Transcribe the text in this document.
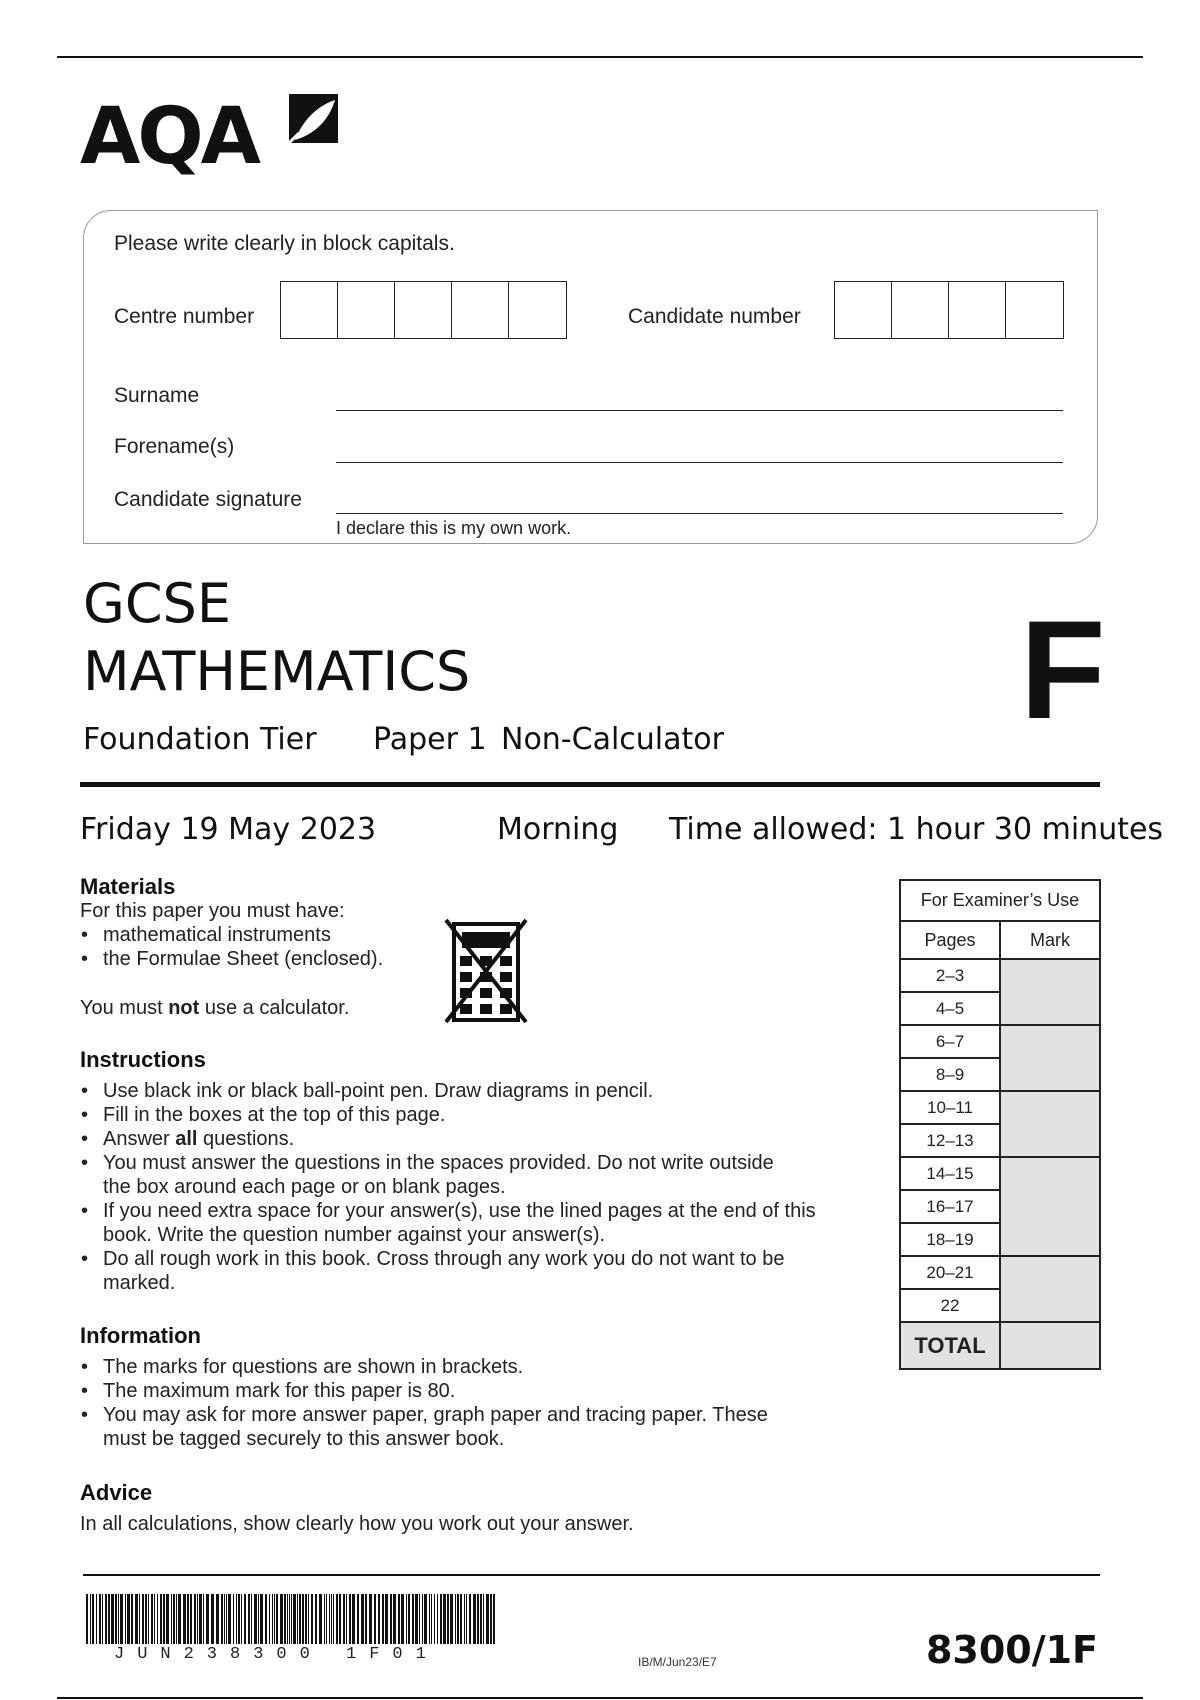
AQA
Please write clearly in block capitals.
Centre number	Candidate number
Surname
Forename(s)
Candidate signature
I declare this is my own work.
GCSE
MATHEMATICS	F
Foundation Tier Paper 1 Non-Calculator
Friday 19 May 2023	Morning Time allowed: 1 hour 30 minutes
Materials
For this paper you must have:
• mathematical instruments
• the Formulae Sheet (enclosed).
You must not use a calculator.
Instructions
• Use black ink or black ball-point pen. Draw diagrams in pencil.
• Fill in the boxes at the top of this page.
• Answer all questions.
• You must answer the questions in the spaces provided. Do not write outside the box around each page or on blank pages.
• If you need extra space for your answer(s), use the lined pages at the end of this book. Write the question number against your answer(s).
• Do all rough work in this book. Cross through any work you do not want to be marked.
Information
• The marks for questions are shown in brackets.
• The maximum mark for this paper is 80.
• You may ask for more answer paper, graph paper and tracing paper. These must be tagged securely to this answer book.
Advice
In all calculations, show clearly how you work out your answer.
For Examiner’s Use	
Pages	Mark
2–3	
4–5	
6–7	
8–9	
10–11	
12–13	
14–15	
16–17	
18–19	
20–21	
22	
TOTAL	
JUN238300 1F01	IB/M/Jun23/E7	8300/1F
